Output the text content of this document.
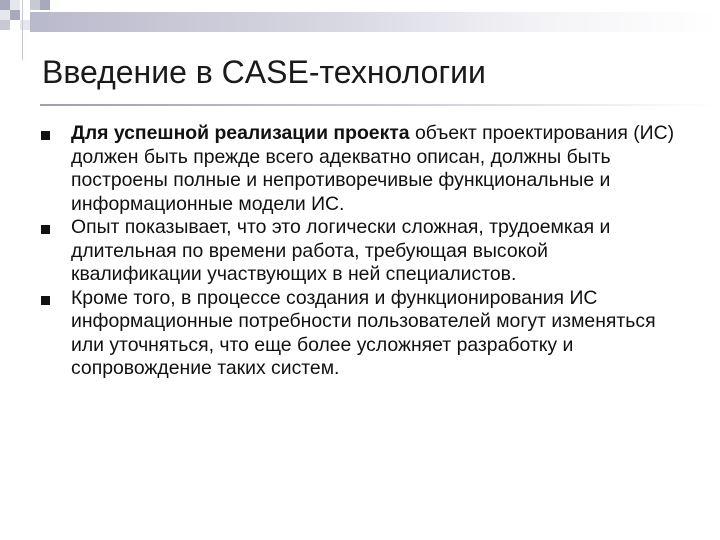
Введение в CASE-технологии
Для успешной реализации проекта объект проектирования (ИС) должен быть прежде всего адекватно описан, должны быть построены полные и непротиворечивые функциональные и информационные модели ИС.
Опыт показывает, что это логически сложная, трудоемкая и длительная по времени работа, требующая высокой квалификации участвующих в ней специалистов.
Кроме того, в процессе создания и функционирования ИС информационные потребности пользователей могут изменяться или уточняться, что еще более усложняет разработку и сопровождение таких систем.
